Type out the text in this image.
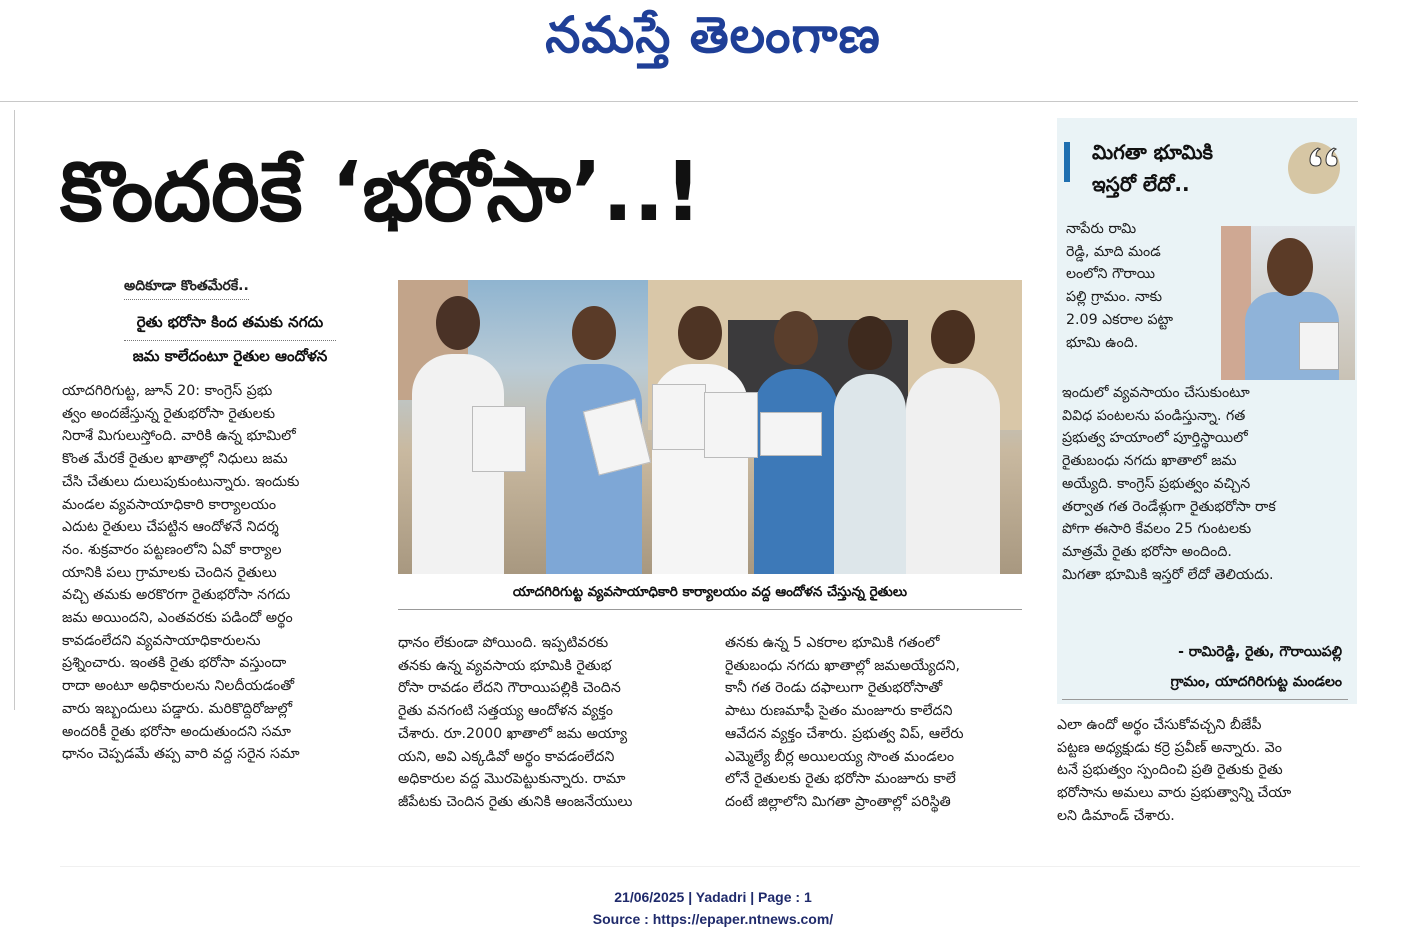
నమస్తే తెలంగాణ
కొందరికే ‘భరోసా’..!
అదికూడా కొంతమేరకే..
రైతు భరోసా కింద తమకు నగదు
జమ కాలేదంటూ రైతుల ఆందోళన

యాదగిరిగుట్ట, జూన్ 20: కాంగ్రెస్ ప్రభు

త్వం అందజేస్తున్న రైతుభరోసా రైతులకు

నిరాశే మిగులుస్తోంది. వారికి ఉన్న భూమిలో

కొంత మేరకే రైతుల ఖాతాల్లో నిధులు జమ

చేసి చేతులు దులుపుకుంటున్నారు. ఇందుకు

మండల వ్యవసాయాధికారి కార్యాలయం

ఎదుట రైతులు చేపట్టిన ఆందోళనే నిదర్శ

నం. శుక్రవారం పట్టణంలోని ఏవో కార్యాల

యానికి పలు గ్రామాలకు చెందిన రైతులు

వచ్చి తమకు అరకొరగా రైతుభరోసా నగదు

జమ అయిందని, ఎంతవరకు పడిందో అర్థం

కావడంలేదని వ్యవసాయాధికారులను

ప్రశ్నించారు. ఇంతకి రైతు భరోసా వస్తుందా

రాదా అంటూ అధికారులను నిలదీయడంతో

వారు ఇబ్బందులు పడ్డారు. మరికొద్దిరోజుల్లో

అందరికీ రైతు భరోసా అందుతుందని సమా

ధానం చెప్పడమే తప్ప వారి వద్ద సరైన సమా

ధానం లేకుండా పోయింది. ఇప్పటివరకు

తనకు ఉన్న వ్యవసాయ భూమికి రైతుభ

రోసా రావడం లేదని గౌరాయిపల్లికి చెందిన

రైతు వనగంటి సత్తయ్య ఆందోళన వ్యక్తం

చేశారు. రూ.2000 ఖాతాలో జమ అయ్యా

యని, అవి ఎక్కడివో అర్థం కావడంలేదని

అధికారుల వద్ద మొరపెట్టుకున్నారు. రామా

జీపేటకు చెందిన రైతు తునికి ఆంజనేయులు

తనకు ఉన్న 5 ఎకరాల భూమికి గతంలో

రైతుబంధు నగదు ఖాతాల్లో జమఅయ్యేదని,

కానీ గత రెండు దఫాలుగా రైతుభరోసాతో

పాటు రుణమాఫీ సైతం మంజూరు కాలేదని

ఆవేదన వ్యక్తం చేశారు. ప్రభుత్వ విప్, ఆలేరు

ఎమ్మెల్యే బీర్ల అయిలయ్య సొంత మండలం

లోనే రైతులకు రైతు భరోసా మంజూరు కాలే

దంటే జిల్లాలోని మిగతా ప్రాంతాల్లో పరిస్థితి

ఎలా ఉందో అర్థం చేసుకోవచ్చని బీజేపీ

పట్టణ అధ్యక్షుడు కర్రె ప్రవీణ్ అన్నారు. వెం

టనే ప్రభుత్వం స్పందించి ప్రతి రైతుకు రైతు

భరోసాను అమలు వారు ప్రభుత్వాన్ని చేయా

లని డిమాండ్ చేశారు.

యాదగిరిగుట్ట వ్యవసాయాధికారి కార్యాలయం వద్ద ఆందోళన చేస్తున్న రైతులు
మిగతా భూమికి
ఇస్తరో లేదో..

నాపేరు రామి

రెడ్డి, మాది మండ

లంలోని గౌరాయి

పల్లి గ్రామం. నాకు

2.09 ఎకరాల పట్టా

భూమి ఉంది.

ఇందులో వ్యవసాయం చేసుకుంటూ

వివిధ పంటలను పండిస్తున్నా. గత

ప్రభుత్వ హయాంలో పూర్తిస్థాయిలో

రైతుబంధు నగదు ఖాతాలో జమ

అయ్యేది. కాంగ్రెస్ ప్రభుత్వం వచ్చిన

తర్వాత గత రెండేళ్లుగా రైతుభరోసా రాక

పోగా ఈసారి కేవలం 25 గుంటలకు

మాత్రమే రైతు భరోసా అందింది.

మిగతా భూమికి ఇస్తరో లేదో తెలియదు.

- రామిరెడ్డి, రైతు, గౌరాయిపల్లి
గ్రామం, యాదగిరిగుట్ట మండలం
21/06/2025 | Yadadri | Page : 1
Source : https://epaper.ntnews.com/
